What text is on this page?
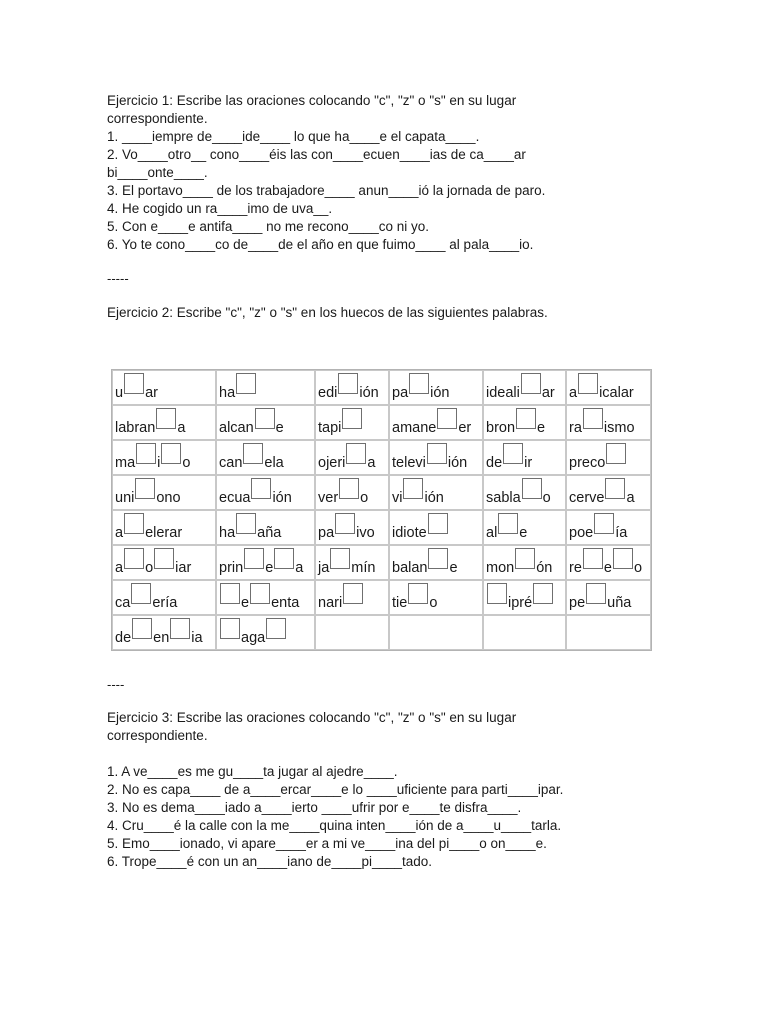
Ejercicio 1: Escribe las oraciones colocando "c", "z" o "s" en su lugar
correspondiente.
1. ____iempre de____ide____ lo que ha____e el capata____.
2. Vo____otro__ cono____éis las con____ecuen____ias de ca____ar
bi____onte____.
3. El portavo____ de los trabajadore____ anun____ió la jornada de paro.
4. He cogido un ra____imo de uva__.
5. Con e____e antifa____ no me recono____co ni yo.
6. Yo te cono____co de____de el año en que fuimo____ al pala____io.
-----
Ejercicio 2: Escribe "c", "z" o "s" en los huecos de las siguientes palabras.
u ar	ha	edi ión	pa ión	ideali ar	a icalar

labran a	alcan e	tapi	amane er	bron e	ra ismo

ma i o	can ela	ojeri a	televi ión	de ir	preco

uni ono	ecua ión	ver o	vi ión	sabla o	cerve a

a elerar	ha aña	pa ivo	idiote	al e	poe ía

a o iar	prin e a	ja mín	balan e	mon ón	re e o

ca ería	e enta	nari	tie o	ipré	pe uña

de en ia	aga				

----
Ejercicio 3: Escribe las oraciones colocando "c", "z" o "s" en su lugar
correspondiente.
1. A ve____es me gu____ta jugar al ajedre____.
2. No es capa____ de a____ercar____e lo ____uficiente para parti____ipar.
3. No es dema____iado a____ierto ____ufrir por e____te disfra____.
4. Cru____é la calle con la me____quina inten____ión de a____u____tarla.
5. Emo____ionado, vi apare____er a mi ve____ina del pi____o on____e.
6. Trope____é con un an____iano de____pi____tado.
